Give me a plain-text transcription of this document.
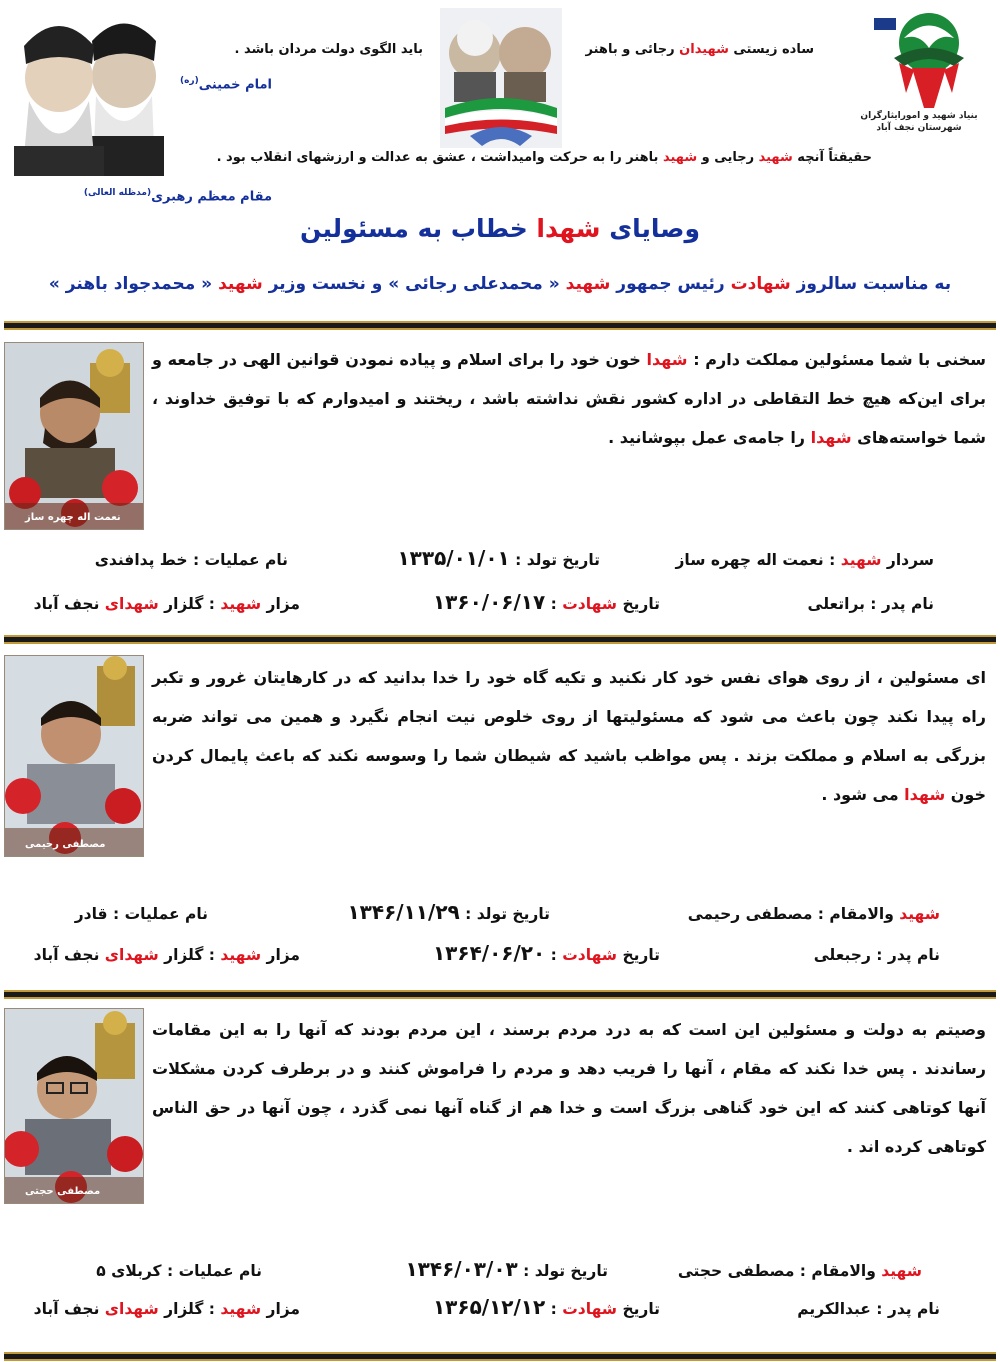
بنیاد شهید و امورایثارگران شهرستان نجف آباد
ساده زیستی شهیدان رجائی و باهنر
باید الگوی دولت مردان باشد .
امام خمینی$^{(ره)}$
حقیقتاً آنچه شهید رجایی و شهید باهنر را به حرکت وامیداشت ، عشق به عدالت و ارزشهای انقلاب بود .
مقام معظم رهبری$^{(مدظله العالی)}$
وصایای شهدا خطاب به مسئولین
به مناسبت سالروز شهادت رئیس جمهور شهید « محمدعلی رجائی » و نخست وزیر شهید « محمدجواد باهنر »
نعمت اله چهره ساز
سخنی با شما مسئولین مملکت دارم : شهدا خون خود را برای اسلام و پیاده نمودن قوانین الهی در جامعه و برای این‌که هیچ خط التقاطی در اداره کشور نقش نداشته باشد ، ریختند و امیدوارم که با توفیق خداوند ، شما خواسته‌های شهدا را جامه‌ی عمل بپوشانید .
سردار شهید : نعمت اله چهره ساز
تاریخ تولد : ۱۳۳۵/۰۱/۰۱
نام عملیات : خط پدافندی
نام پدر : براتعلی
تاریخ شهادت : ۱۳۶۰/۰۶/۱۷
مزار شهید : گلزار شهدای نجف آباد
مصطفی رحیمی
ای مسئولین ، از روی هوای نفس خود کار نکنید و تکیه گاه خود را خدا بدانید که در کارهایتان غرور و تکبر راه پیدا نکند چون باعث می شود که مسئولیتها از روی خلوص نیت انجام نگیرد و همین می تواند ضربه بزرگی به اسلام و مملکت بزند . پس مواظب باشید که شیطان شما را وسوسه نکند که باعث پایمال کردن خون شهدا می شود .
شهید والامقام : مصطفی رحیمی
تاریخ تولد : ۱۳۴۶/۱۱/۲۹
نام عملیات : قادر
نام پدر : رجبعلی
تاریخ شهادت : ۱۳۶۴/۰۶/۲۰
مزار شهید : گلزار شهدای نجف آباد
مصطفی حجتی
وصیتم به دولت و مسئولین این است که به درد مردم برسند ، این مردم بودند که آنها را به این مقامات رساندند . پس خدا نکند که مقام ، آنها را فریب دهد و مردم را فراموش کنند و در برطرف کردن مشکلات آنها کوتاهی کنند که این خود گناهی بزرگ است و خدا هم از گناه آنها نمی گذرد ، چون آنها در حق الناس کوتاهی کرده اند .
شهید والامقام : مصطفی حجتی
تاریخ تولد : ۱۳۴۶/۰۳/۰۳
نام عملیات : کربلای ۵
نام پدر : عبدالکریم
تاریخ شهادت : ۱۳۶۵/۱۲/۱۲
مزار شهید : گلزار شهدای نجف آباد
